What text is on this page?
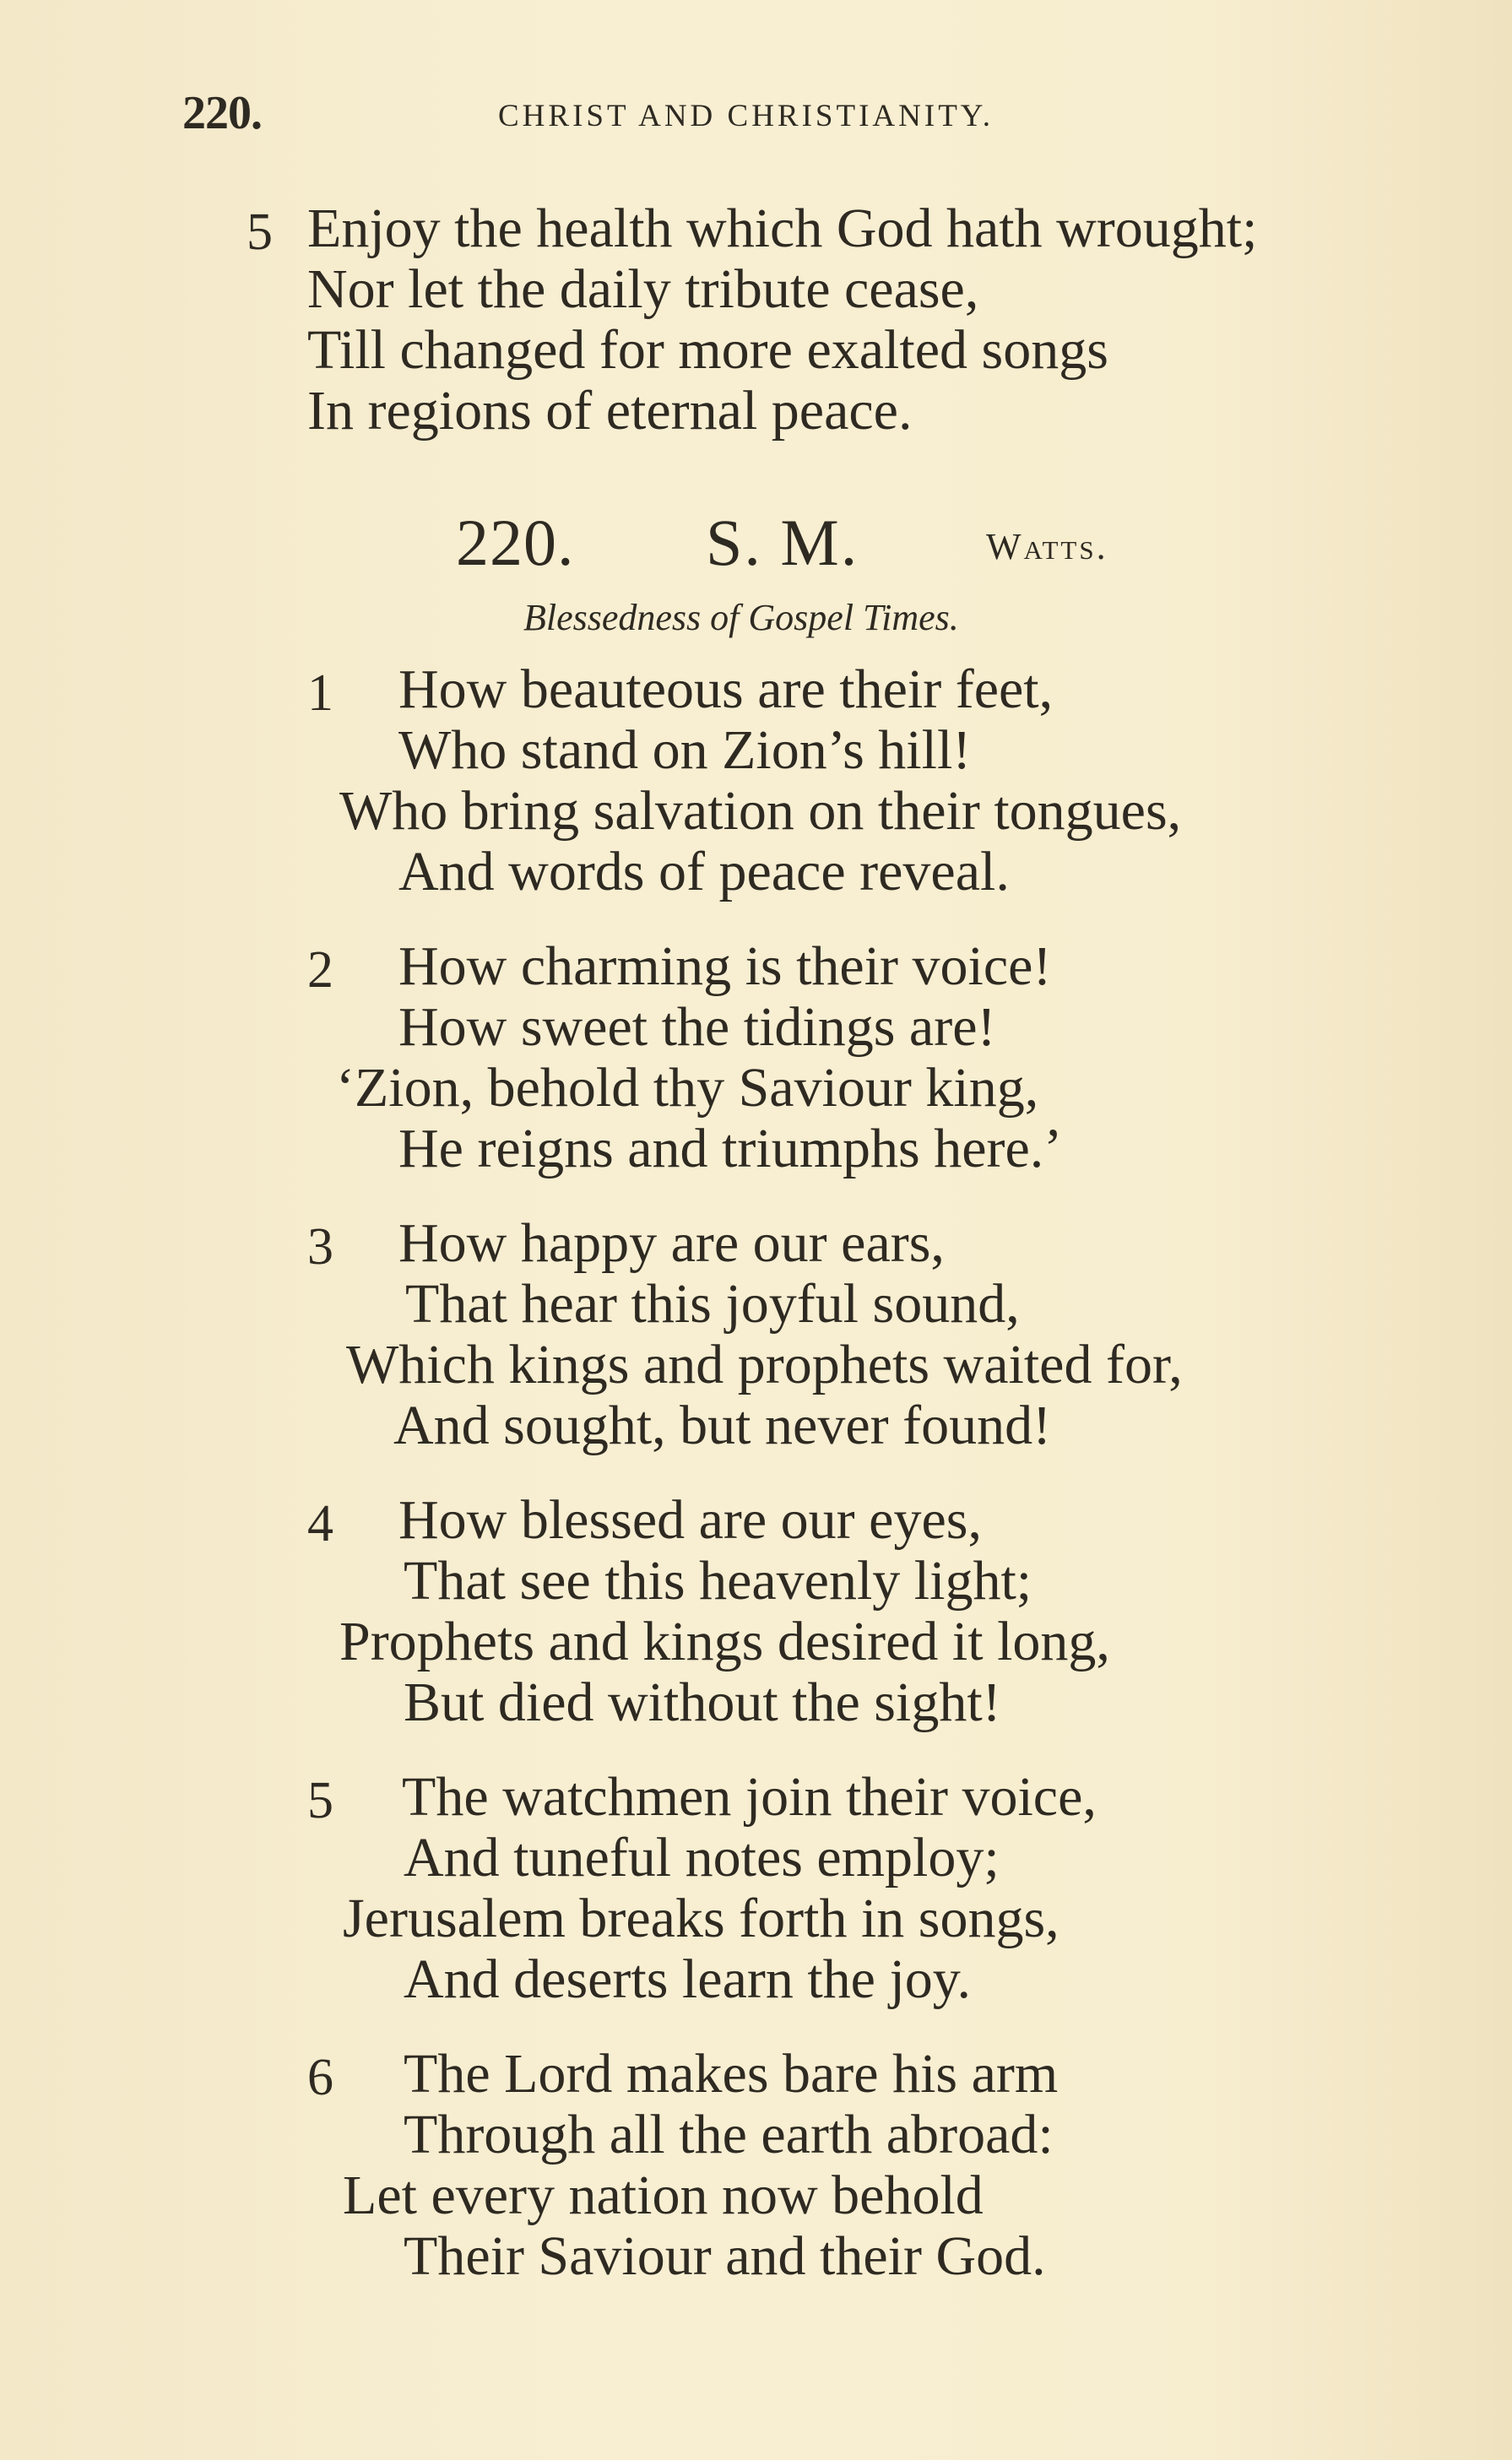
220.	CHRIST AND CHRISTIANITY.
5 Enjoy the health which God hath wrought;
Nor let the daily tribute cease,
Till changed for more exalted songs
In regions of eternal peace.
220. S. M.	Watts.
Blessedness of Gospel Times.
1 How beauteous are their feet,
Who stand on Zion’s hill!
Who bring salvation on their tongues,
And words of peace reveal.
2 How charming is their voice!
How sweet the tidings are!
‘Zion, behold thy Saviour king,
He reigns and triumphs here.’
3 How happy are our ears,
That hear this joyful sound,
Which kings and prophets waited for,
And sought, but never found!
4 How blessed are our eyes,
That see this heavenly light;
Prophets and kings desired it long,
But died without the sight!
5 The watchmen join their voice,
And tuneful notes employ;
Jerusalem breaks forth in songs,
And deserts learn the joy.
6 The Lord makes bare his arm
Through all the earth abroad:
Let every nation now behold
Their Saviour and their God.
